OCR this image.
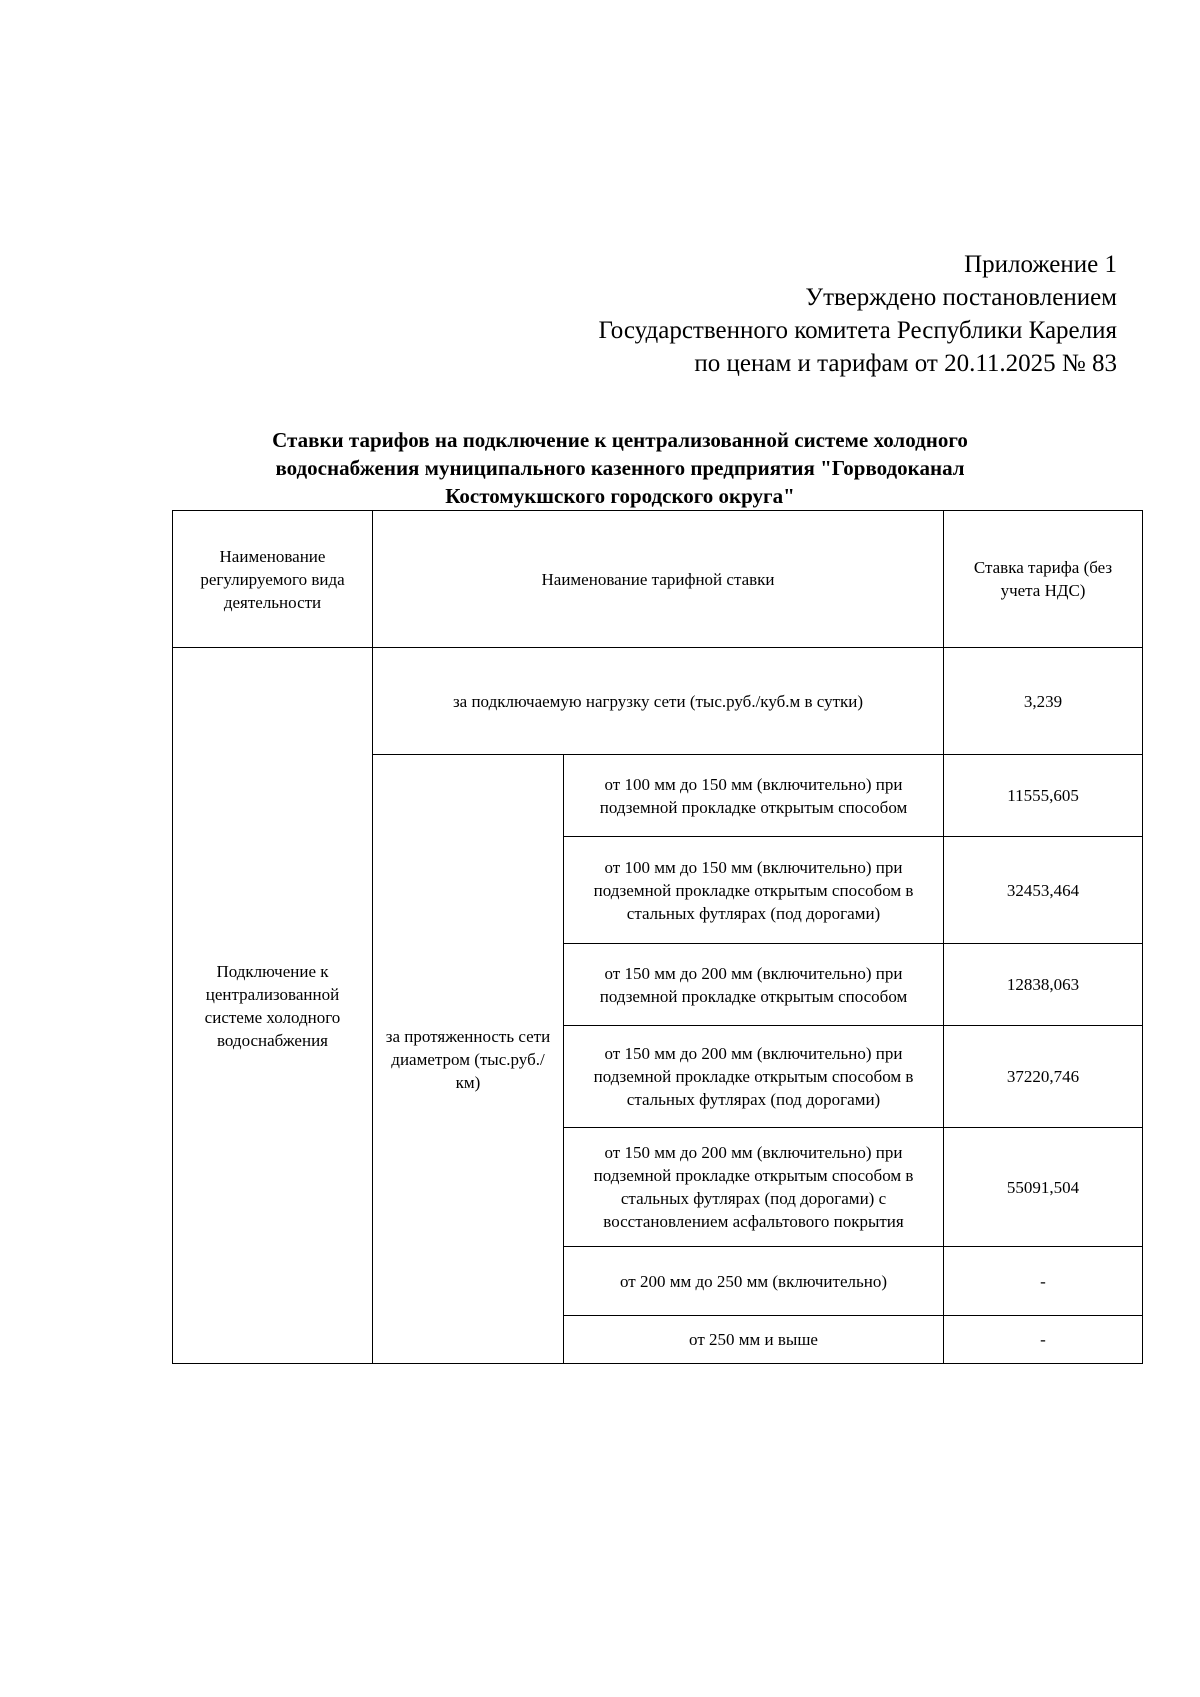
Приложение 1
Утверждено постановлением
Государственного комитета Республики Карелия
по ценам и тарифам от 20.11.2025 № 83
Ставки тарифов на подключение к централизованной системе холодного
водоснабжения муниципального казенного предприятия "Горводоканал
Костомукшского городского округа"
Наименование регулируемого вида деятельности	Наименование тарифной ставки		Ставка тарифа (без учета НДС)
Подключение к централизованной системе холодного водоснабжения	за подключаемую нагрузку сети (тыс.руб./куб.м в сутки)		3,239
	за протяженность сети диаметром (тыс.руб./км)	от 100 мм до 150 мм (включительно) при подземной прокладке открытым способом	11555,605
		от 100 мм до 150 мм (включительно) при подземной прокладке открытым способом в стальных футлярах (под дорогами)	32453,464
		от 150 мм до 200 мм (включительно) при подземной прокладке открытым способом	12838,063
		от 150 мм до 200 мм (включительно) при подземной прокладке открытым способом в стальных футлярах (под дорогами)	37220,746
		от 150 мм до 200 мм (включительно) при подземной прокладке открытым способом в стальных футлярах (под дорогами) с восстановлением асфальтового покрытия	55091,504
		от 200 мм до 250 мм (включительно)	-
		от 250 мм и выше	-
